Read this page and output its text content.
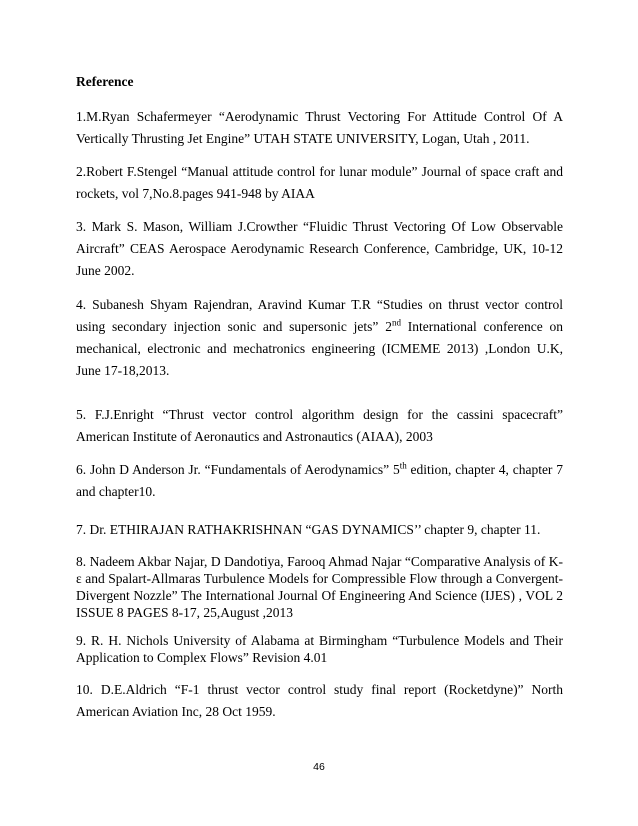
Reference

1.M.Ryan Schafermeyer “Aerodynamic Thrust Vectoring For Attitude Control Of A Vertically Thrusting Jet Engine” UTAH STATE UNIVERSITY, Logan, Utah , 2011.

2.Robert F.Stengel “Manual attitude control for lunar module” Journal of space craft and rockets, vol 7,No.8.pages 941-948 by AIAA

3. Mark S. Mason, William J.Crowther “Fluidic Thrust Vectoring Of Low Observable Aircraft” CEAS Aerospace Aerodynamic Research Conference, Cambridge, UK, 10-12 June 2002.

4. Subanesh Shyam Rajendran, Aravind Kumar T.R “Studies on thrust vector control using secondary injection sonic and supersonic jets” 2nd International conference on mechanical, electronic and mechatronics engineering (ICMEME 2013) ,London U.K, June 17-18,2013.

5. F.J.Enright “Thrust vector control algorithm design for the cassini spacecraft” American Institute of Aeronautics and Astronautics (AIAA), 2003

6. John D Anderson Jr. “Fundamentals of Aerodynamics” 5th edition, chapter 4, chapter 7 and chapter10.

7. Dr. ETHIRAJAN RATHAKRISHNAN “GAS DYNAMICS’’ chapter 9, chapter 11.

8. Nadeem Akbar Najar, D Dandotiya, Farooq Ahmad Najar “Comparative Analysis of K-ε and Spalart-Allmaras Turbulence Models for Compressible Flow through a Convergent-Divergent Nozzle” The International Journal Of Engineering And Science (IJES) , VOL 2 ISSUE 8 PAGES 8-17, 25,August ,2013

9. R. H. Nichols University of Alabama at Birmingham “Turbulence Models and Their Application to Complex Flows” Revision 4.01

10. D.E.Aldrich “F-1 thrust vector control study final report (Rocketdyne)” North American Aviation Inc, 28 Oct 1959.

46
